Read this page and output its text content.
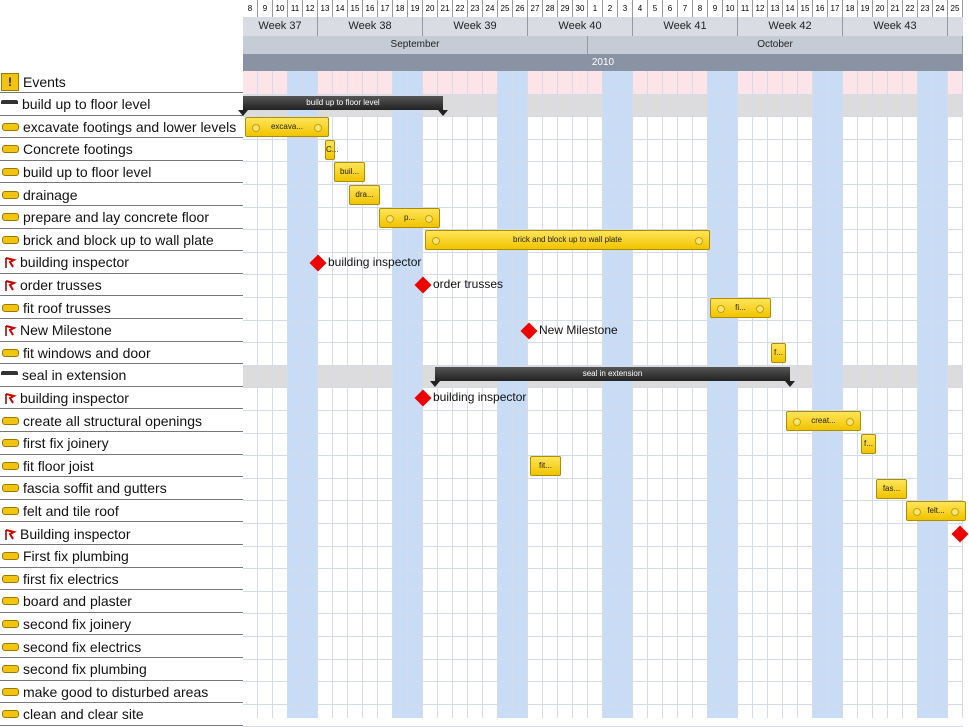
! Events
build up to floor level
excavate footings and lower levels
Concrete footings
build up to floor level
drainage
prepare and lay concrete floor
brick and block up to wall plate
building inspector
order trusses
fit roof trusses
New Milestone
fit windows and door
seal in extension
building inspector
create all structural openings
first fix joinery
fit floor joist
fascia soffit and gutters
felt and tile roof
Building inspector
First fix plumbing
first fix electrics
board and plaster
second fix joinery
second fix electrics
second fix plumbing
make good to disturbed areas
clean and clear site
8	9	10 11 12 13 14 15 16 17 18 19 20 21 22 23 24 25 26 27 28 29 30	1	2	3	4	5	6	7	8	9	10 11 12 13 14 15 16 17 18 19 20 21 22 23 24 25
Week 37	Week 38	Week 39	Week 40	Week 41	Week 42	Week 43
September	October
2010
build up to floor level
excava...
C...
buil...
dra...
p...
brick and block up to wall plate
building inspector
order trusses
fi...
New Milestone
f...
seal in extension
building inspector
creat...
f...
fit...
fas...
felt...
